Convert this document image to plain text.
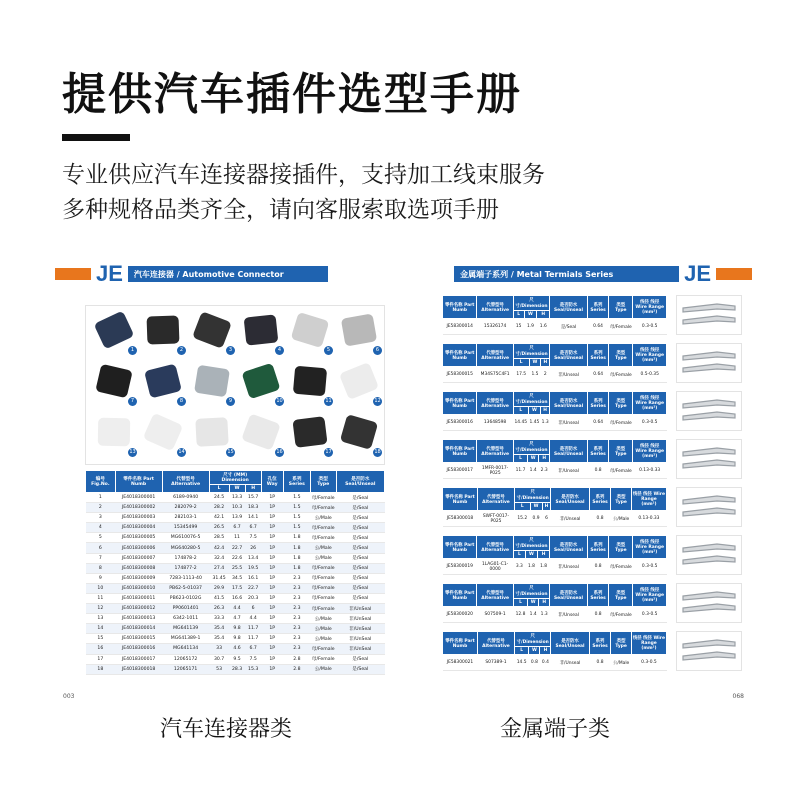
提供汽车插件选型手册
专业供应汽车连接器接插件，支持加工线束服务
多种规格品类齐全，请向客服索取选项手册
JE	汽车连接器 / Automotive Connector
1	2	3	4	5	6
7	8	9	10	11	12
13	14	15	16	17	18
编号 Fig.No.	零件名称 Part Numb	代替型号 Alternative	尺寸 (MM) Dimension			孔位 Way	系列 Series	类型 Type	是否防水 Seal/Unseal
			L	W	H				
1	JE4018300001	6189-0940	24.5	13.3	15.7	1P	1.5	母/Female	是/Seal
2	JE4018300002	282079-2	28.2	10.3	18.3	1P	1.5	母/Female	是/Seal
3	JE4018300003	282103-1	42.1	13.9	14.1	1P	1.5	公/Male	是/Seal
4	JE4018300004	15345499	26.5	6.7	6.7	1P	1.5	母/Female	是/Seal
5	JE4018300005	MG610076-5	28.5	11	7.5	1P	1.8	母/Female	是/Seal
6	JE4018300006	MG640280-5	42.4	22.7	26	1P	1.8	公/Male	是/Seal
7	JE4018300007	174878-2	32.4	22.6	13.4	1P	1.8	公/Male	是/Seal
8	JE4018300008	174877-2	27.4	25.5	19.5	1P	1.8	母/Female	是/Seal
9	JE4018300009	7283-1113-40	31.45	34.5	16.1	1P	2.3	母/Female	是/Seal
10	JE4018300010	PB62-5-01037	29.9	17.5	22.7	1P	2.3	母/Female	是/Seal
11	JE4018300011	PB623-0102G	41.5	16.6	20.3	1P	2.3	母/Female	是/Seal
12	JE4018300012	PP0601401	26.3	4.4	6	1P	2.3	母/Female	非/UnSeal
13	JE4018300013	6342-1011	33.3	4.7	4.4	1P	2.3	公/Male	非/UnSeal
14	JE4018300014	MG641139	35.4	9.8	11.7	1P	2.3	公/Male	非/UnSeal
15	JE4018300015	MG641389-1	35.4	9.8	11.7	1P	2.3	公/Male	非/UnSeal
16	JE4018300016	MG641134	33	4.6	6.7	1P	2.3	母/Female	非/UnSeal
17	JE4018300017	12065172	30.7	9.5	7.5	1P	2.8	母/Female	是/Seal
18	JE4018300018	12065171	53	28.3	15.3	1P	2.8	公/Male	是/Seal
003
金属端子系列 / Metal Termials Series	JE
零件名称 Part Numb	代替型号 Alternative	尺寸/Dimension			是否防水 Seal/Unseal	系列 Series	类型 Type	线径 线径 Wire Range (mm²)
		L	W	H				
JE58300014	15326174	15	1.9	1.6	是/Seal	0.64	母/Female	0.3-0.5
零件名称 Part Numb	代替型号 Alternative	尺寸/Dimension			是否防水 Seal/Unseal	系列 Series	类型 Type	线径 线径 Wire Range (mm²)
		L	W	H				
JE58300015	M34S75C4F1	17.5	1.5	2	非/Unseal	0.64	母/Female	0.5-0.35
零件名称 Part Numb	代替型号 Alternative	尺寸/Dimension			是否防水 Seal/Unseal	系列 Series	类型 Type	线径 线径 Wire Range (mm²)
		L	W	H				
JE58300016	13648598	14.45	1.45	1.3	非/Unseal	0.64	母/Female	0.3-0.5
零件名称 Part Numb	代替型号 Alternative	尺寸/Dimension			是否防水 Seal/Unseal	系列 Series	类型 Type	线径 线径 Wire Range (mm²)
		L	W	H				
JE58300017	1MFR-0017-P025	11.7	1.4	2.3	非/Unseal	0.8	母/Female	0.13-0.33
零件名称 Part Numb	代替型号 Alternative	尺寸/Dimension			是否防水 Seal/Unseal	系列 Series	类型 Type	线径 线径 Wire Range (mm²)
		L	W	H				
JE58300018	SWFT-0017-P025	15.2	0.9	6	非/Unseal	0.8	公/Male	0.13-0.33
零件名称 Part Numb	代替型号 Alternative	尺寸/Dimension			是否防水 Seal/Unseal	系列 Series	类型 Type	线径 线径 Wire Range (mm²)
		L	W	H				
JE58300019	1LAG01-C1-0000	3.3	1.8	1.8	非/Unseal	0.8	母/Female	0.3-0.5
零件名称 Part Numb	代替型号 Alternative	尺寸/Dimension			是否防水 Seal/Unseal	系列 Series	类型 Type	线径 线径 Wire Range (mm²)
		L	W	H				
JE58300020	S07509-1	12.8	1.4	1.3	非/Unseal	0.8	母/Female	0.3-0.5
零件名称 Part Numb	代替型号 Alternative	尺寸/Dimension			是否防水 Seal/Unseal	系列 Series	类型 Type	线径 线径 Wire Range (mm²)
		L	W	H				
JE58300021	S07389-1	14.5	0.8	0.4	非/Unseal	0.8	公/Male	0.3-0.5
068
汽车连接器类	金属端子类
